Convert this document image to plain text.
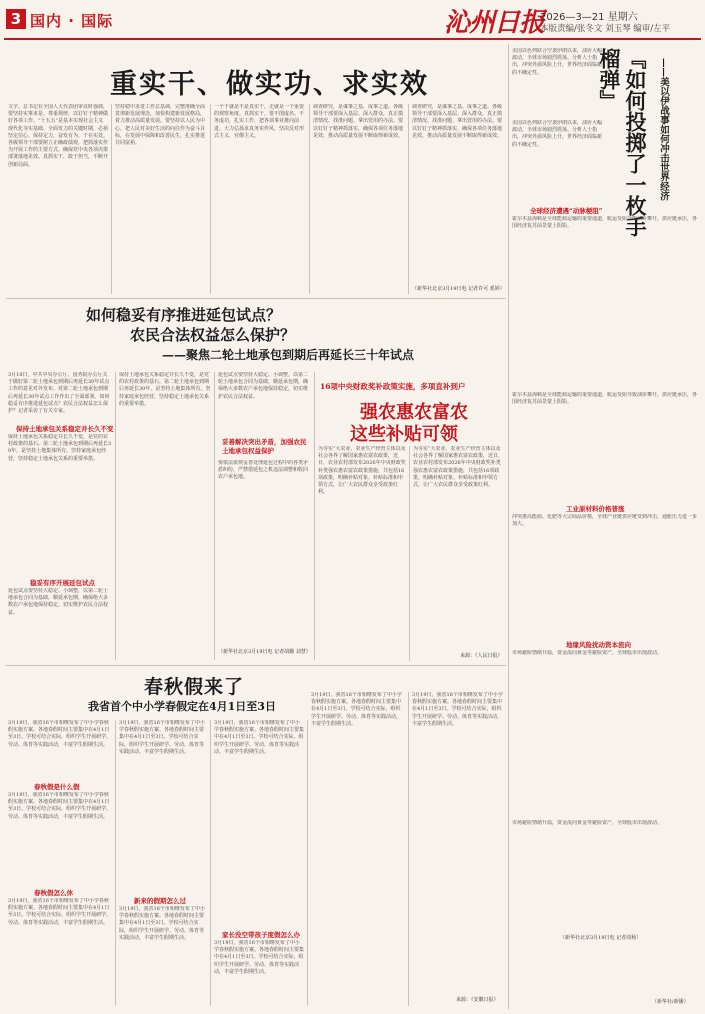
3 国内 · 国际	沁州日报
2026—3—21 星期六
本版责编/张冬文 刘玉琴 编审/左平
重实干、做实功、求实效
文字。总书记在全国人大代表团审议时强调，要坚持实事求是、尊重规律，以钉钉子精神做好各项工作。“十五五”是基本实现社会主义现代化夯实基础、全面发力的关键时期，必须坚定信心、保持定力，奋发有为、干在实处。各级领导干部要树立正确政绩观，把抓落实作为开展工作的主要方式，确保党中央各项决策部署落地见效。真抓实干，敢于担当，不断开创新局面。
坚持稳中求进工作总基调，完整准确全面贯彻新发展理念，加快构建新发展格局，着力推动高质量发展。要坚持以人民为中心，把人民对美好生活的向往作为奋斗目标，在发展中保障和改善民生，扎实推进共同富裕。
一个干就是不是真实干，走就是一个重要的观察角度。真抓实干，要不图虚名、不务虚功，扎实工作，把各项事业推向前进。大力弘扬求真务实作风，坚决反对形式主义、官僚主义。
调查研究，是谋事之基、成事之道。各级领导干部要深入基层、深入群众，真正摸清情况、找准问题、拿出管用的办法。要以钉钉子精神抓落实，确保各项任务落地见效，推动高质量发展不断取得新成效。
调查研究，是谋事之基、成事之道。各级领导干部要深入基层、深入群众，真正摸清情况、找准问题、拿出管用的办法。要以钉钉子精神抓落实，确保各项任务落地见效，推动高质量发展不断取得新成效。
（新华社北京3月19日电 记者许可 奚婷）
如何稳妥有序推进延包试点？
农民合法权益怎么保护？
——聚焦二轮土地承包到期后再延长三十年试点
3月18日，中共中央办公厅、国务院办公厅关于做好第二轮土地承包到期后再延长30年试点工作的意见对外发布。对第二轮土地承包到期后再延长30年试点工作作出了全面部署。如何稳妥有序推进延包试点？农民合法权益怎么保护？记者采访了有关专家。
保持土地承包关系稳定并长久不变
保持土地承包关系稳定并长久不变，是党的农村政策的基石。第二轮土地承包到期后再延长30年，是坚持土地集体所有，坚持家庭承包经营，坚持稳定土地承包关系的重要举措。
稳妥有序开展延包试点
延包试点要坚持大稳定、小调整，以第二轮土地承包合同为基础，顺延承包期，确保绝大多数农户承包地保持稳定，切实维护农民合法权益。
保持土地承包关系稳定并长久不变，是党的农村政策的基石。第二轮土地承包到期后再延长30年，是坚持土地集体所有，坚持家庭承包经营，坚持稳定土地承包关系的重要举措。
延包试点要坚持大稳定、小调整，以第二轮土地承包合同为基础，顺延承包期，确保绝大多数农户承包地保持稳定，切实维护农民合法权益。
妥善解决突出矛盾，加强农民土地承包权益保护
要依法依规妥善处理延包过程中的各类矛盾纠纷，严禁借延包之机违法调整和收回农户承包地。
（新华社北京3月19日电 记者胡璐 刘慧）
16项中央财政奖补政策实施，多项直补到户
强农惠农富农
这些补贴可领
为夯实“大农业、农业生产经营主体以及社会各界了解国家惠农富农政策，近日，农业农村部发布2026年中央财政奖补类强农惠农富农政策措施，共包括16项政策，明确补贴对象、补贴标准和申领方式，让广大农民群众享受政策红利。
为夯实“大农业、农业生产经营主体以及社会各界了解国家惠农富农政策，近日，农业农村部发布2026年中央财政奖补类强农惠农富农政策措施，共包括16项政策，明确补贴对象、补贴标准和申领方式，让广大农民群众享受政策红利。
来源：《人民日报》
春秋假来了
我省首个中小学春假定在4月1日至3日
3月19日，我省16个市相继发布了中小学春秋假实施方案。各地春假时间主要集中在4月1日至3日。学校可结合实际，组织学生开展研学、劳动、体育等实践活动，丰富学生假期生活。
春秋假是什么假
3月19日，我省16个市相继发布了中小学春秋假实施方案。各地春假时间主要集中在4月1日至3日。学校可结合实际，组织学生开展研学、劳动、体育等实践活动，丰富学生假期生活。
春秋假怎么休
3月19日，我省16个市相继发布了中小学春秋假实施方案。各地春假时间主要集中在4月1日至3日。学校可结合实际，组织学生开展研学、劳动、体育等实践活动，丰富学生假期生活。
3月19日，我省16个市相继发布了中小学春秋假实施方案。各地春假时间主要集中在4月1日至3日。学校可结合实际，组织学生开展研学、劳动、体育等实践活动，丰富学生假期生活。
新来的假期怎么过
3月19日，我省16个市相继发布了中小学春秋假实施方案。各地春假时间主要集中在4月1日至3日。学校可结合实际，组织学生开展研学、劳动、体育等实践活动，丰富学生假期生活。
3月19日，我省16个市相继发布了中小学春秋假实施方案。各地春假时间主要集中在4月1日至3日。学校可结合实际，组织学生开展研学、劳动、体育等实践活动，丰富学生假期生活。
家长没空带孩子度假怎么办
3月19日，我省16个市相继发布了中小学春秋假实施方案。各地春假时间主要集中在4月1日至3日。学校可结合实际，组织学生开展研学、劳动、体育等实践活动，丰富学生假期生活。
3月19日，我省16个市相继发布了中小学春秋假实施方案。各地春假时间主要集中在4月1日至3日。学校可结合实际，组织学生开展研学、劳动、体育等实践活动，丰富学生假期生活。
3月19日，我省16个市相继发布了中小学春秋假实施方案。各地春假时间主要集中在4月1日至3日。学校可结合实际，组织学生开展研学、劳动、体育等实践活动，丰富学生假期生活。
来源：《安徽日报》
美国以色列联合空袭伊朗以来，油价大幅波动，全球市场剧烈震荡。分析人士指出，冲突外溢风险上升，世界经济面临新的不确定性。	『如何投掷了一枚手榴弹』	——美以伊战事如何冲击世界经济
美国以色列联合空袭伊朗以来，油价大幅波动，全球市场剧烈震荡。分析人士指出，冲突外溢风险上升，世界经济面临新的不确定性。
全球经济遭遇“动脉梗阻”
霍尔木兹海峡是全球能源运输的重要通道，航运受阻导致油价攀升，供应链承压，各国经济复苏前景蒙上阴影。
霍尔木兹海峡是全球能源运输的重要通道，航运受阻导致油价攀升，供应链承压，各国经济复苏前景蒙上阴影。
工业原材料价格普涨
冲突推高能源、化肥等大宗商品价格，全球产业链供应链受到冲击，通胀压力进一步加大。
地缘风险扰动资本流向
市场避险情绪升温，资金流向黄金等避险资产，全球股市出现波动。
市场避险情绪升温，资金流向黄金等避险资产，全球股市出现波动。
（新华社北京3月19日电 记者周杨）
（新华社/新播）
